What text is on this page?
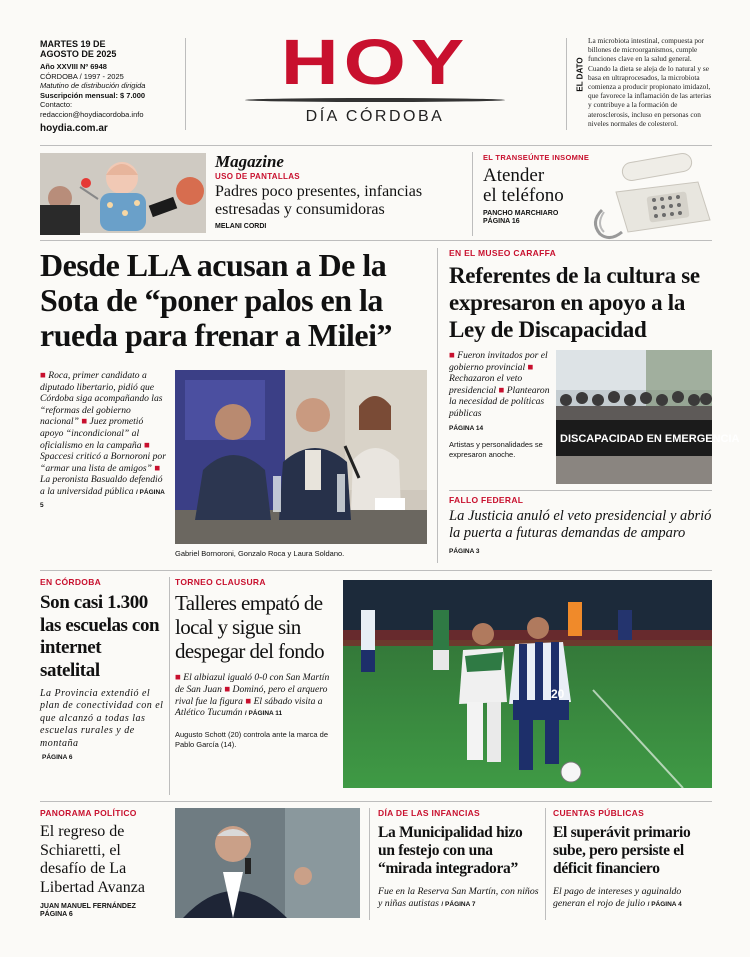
MARTES 19 DE
AGOSTO DE 2025
Año XXVIII Nº 6948
CÓRDOBA / 1997 - 2025
Matutino de distribución dirigida
Suscripción mensual: $ 7.000
Contacto:
redaccion@hoydiacordoba.info
hoydia.com.ar
HOY
DÍA CÓRDOBA
EL DATO
La microbiota intestinal, compuesta por billones de microorganismos, cumple funciones clave en la salud general. Cuando la dieta se aleja de lo natural y se basa en ultraprocesados, la microbiota comienza a producir propionato imidazol, que favorece la inflamación de las arterias y contribuye a la formación de aterosclerosis, incluso en personas con niveles normales de colesterol.
Magazine
USO DE PANTALLAS
Padres poco presentes, infancias estresadas y consumidoras
MELANI CORDI
EL TRANSEÚNTE INSOMNE
Atender
el teléfono
PANCHO MARCHIARO
PÁGINA 16
Desde LLA acusan a De la Sota de “poner palos en la rueda para frenar a Milei”
■ Roca, primer candidato a diputado libertario, pidió que Córdoba siga acompañando las “reformas del gobierno nacional” ■ Juez prometió apoyo “incondicional” al oficialismo en la campaña ■ Spaccesi criticó a Bornoroni por “armar una lista de amigos” ■ La peronista Basualdo defendió a la universidad pública / PÁGINA 5
Gabriel Bornoroni, Gonzalo Roca y Laura Soldano.
EN EL MUSEO CARAFFA
Referentes de la cultura se expresaron en apoyo a la Ley de Discapacidad
■ Fueron invitados por el gobierno provincial ■ Rechazaron el veto presidencial ■ Plantearon la necesidad de políticas públicas
PÁGINA 14
Artistas y personalidades se expresaron anoche.
DISCAPACIDAD EN EMERGENCIA
FALLO FEDERAL
La Justicia anuló el veto presidencial y abrió la puerta a futuras demandas de amparo
PÁGINA 3
EN CÓRDOBA
Son casi 1.300 las escuelas con internet satelital
La Provincia extendió el plan de conectividad con el que alcanzó a todas las escuelas rurales y de montaña
PÁGINA 6
TORNEO CLAUSURA
Talleres empató de local y sigue sin despegar del fondo
■ El albiazul igualó 0-0 con San Martín de San Juan ■ Dominó, pero el arquero rival fue la figura ■ El sábado visita a Atlético Tucumán / PÁGINA 11
Augusto Schott (20) controla ante la marca de Pablo García (14).
20
PANORAMA POLÍTICO
El regreso de Schiaretti, el desafío de La Libertad Avanza
JUAN MANUEL FERNÁNDEZ
PÁGINA 6
DÍA DE LAS INFANCIAS
La Municipalidad hizo un festejo con una “mirada integradora”
Fue en la Reserva San Martín, con niños y niñas autistas / PÁGINA 7
CUENTAS PÚBLICAS
El superávit primario sube, pero persiste el déficit financiero
El pago de intereses y aguinaldo generan el rojo de julio / PÁGINA 4
